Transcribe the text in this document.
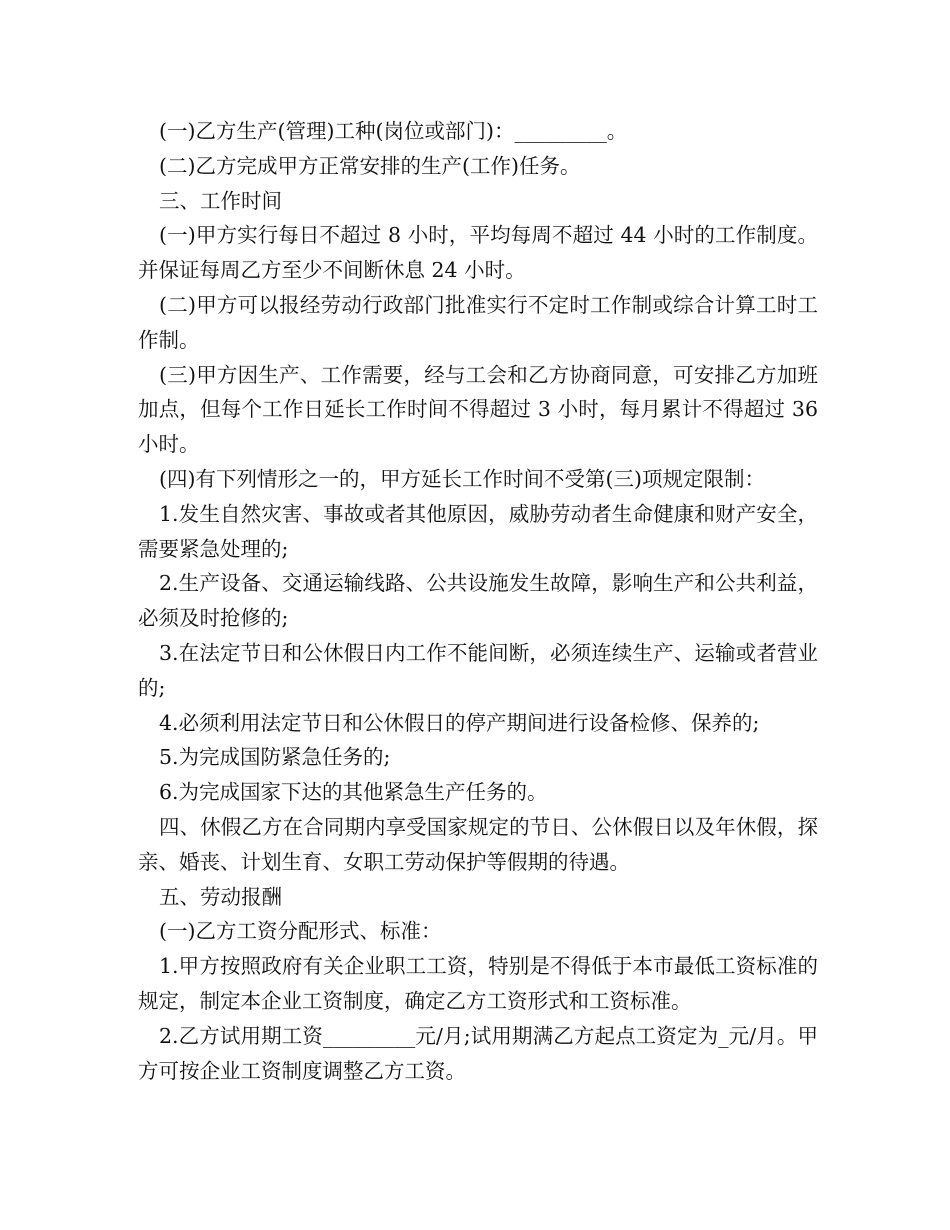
(一)乙方生产(管理)工种(岗位或部门)：_________。

(二)乙方完成甲方正常安排的生产(工作)任务。

三、工作时间

(一)甲方实行每日不超过 8 小时，平均每周不超过 44 小时的工作制度。并保证每周乙方至少不间断休息 24 小时。

(二)甲方可以报经劳动行政部门批准实行不定时工作制或综合计算工时工作制。

(三)甲方因生产、工作需要，经与工会和乙方协商同意，可安排乙方加班加点，但每个工作日延长工作时间不得超过 3 小时，每月累计不得超过 36 小时。

(四)有下列情形之一的，甲方延长工作时间不受第(三)项规定限制：

1.发生自然灾害、事故或者其他原因，威胁劳动者生命健康和财产安全，需要紧急处理的;

2.生产设备、交通运输线路、公共设施发生故障，影响生产和公共利益，必须及时抢修的;

3.在法定节日和公休假日内工作不能间断，必须连续生产、运输或者营业的;

4.必须利用法定节日和公休假日的停产期间进行设备检修、保养的;

5.为完成国防紧急任务的;

6.为完成国家下达的其他紧急生产任务的。

四、休假乙方在合同期内享受国家规定的节日、公休假日以及年休假，探亲、婚丧、计划生育、女职工劳动保护等假期的待遇。

五、劳动报酬

(一)乙方工资分配形式、标准：

1.甲方按照政府有关企业职工工资，特别是不得低于本市最低工资标准的规定，制定本企业工资制度，确定乙方工资形式和工资标准。

2.乙方试用期工资_________元/月;试用期满乙方起点工资定为_元/月。甲方可按企业工资制度调整乙方工资。
